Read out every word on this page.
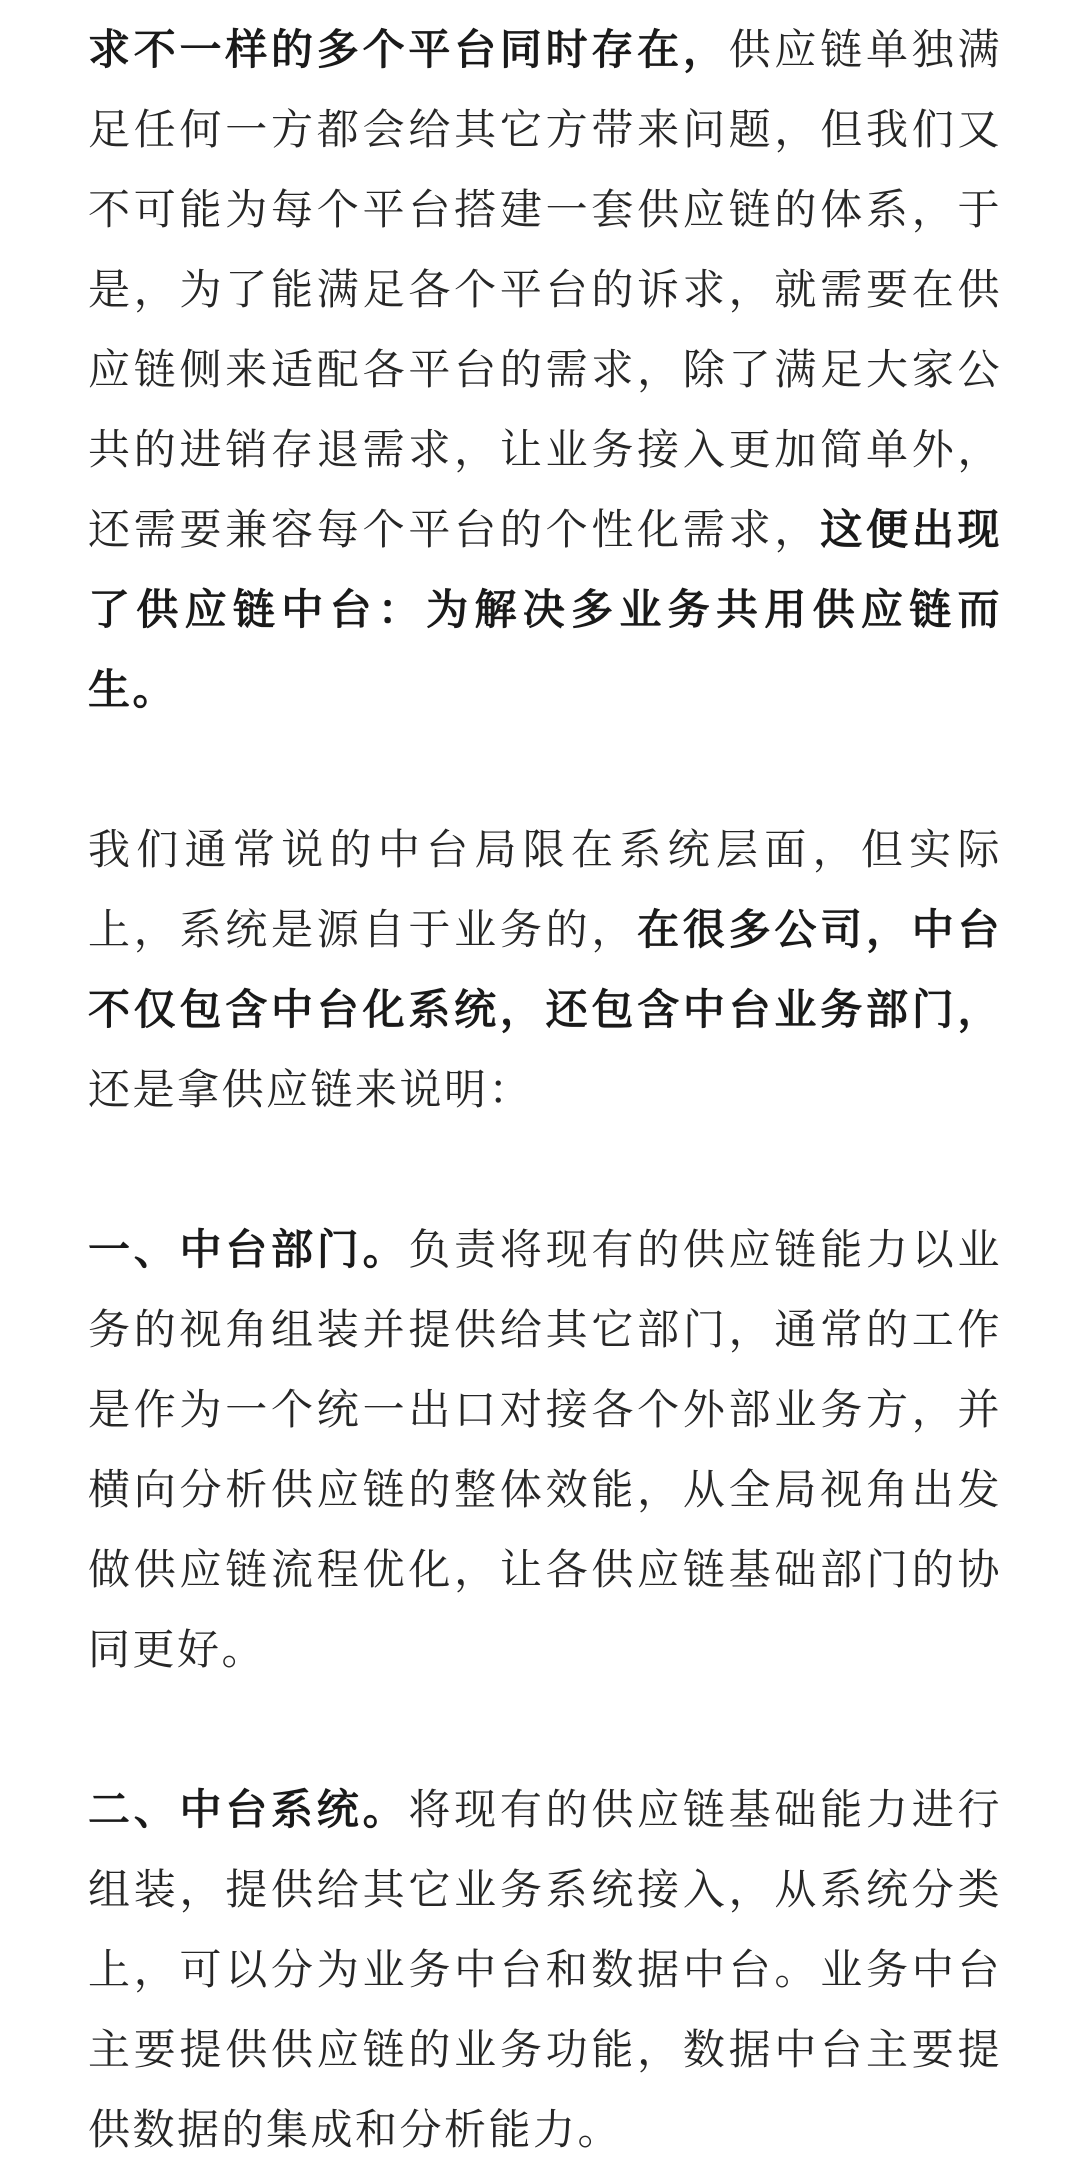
求不一样的多个平台同时存在，供应链单独满足任何一方都会给其它方带来问题，但我们又不可能为每个平台搭建一套供应链的体系，于是，为了能满足各个平台的诉求，就需要在供应链侧来适配各平台的需求，除了满足大家公共的进销存退需求，让业务接入更加简单外，还需要兼容每个平台的个性化需求，这便出现了供应链中台：为解决多业务共用供应链而生。

我们通常说的中台局限在系统层面，但实际上，系统是源自于业务的，在很多公司，中台不仅包含中台化系统，还包含中台业务部门，还是拿供应链来说明：

一、中台部门。负责将现有的供应链能力以业务的视角组装并提供给其它部门，通常的工作是作为一个统一出口对接各个外部业务方，并横向分析供应链的整体效能，从全局视角出发做供应链流程优化，让各供应链基础部门的协同更好。

二、中台系统。将现有的供应链基础能力进行组装，提供给其它业务系统接入，从系统分类上，可以分为业务中台和数据中台。业务中台主要提供供应链的业务功能，数据中台主要提供数据的集成和分析能力。
